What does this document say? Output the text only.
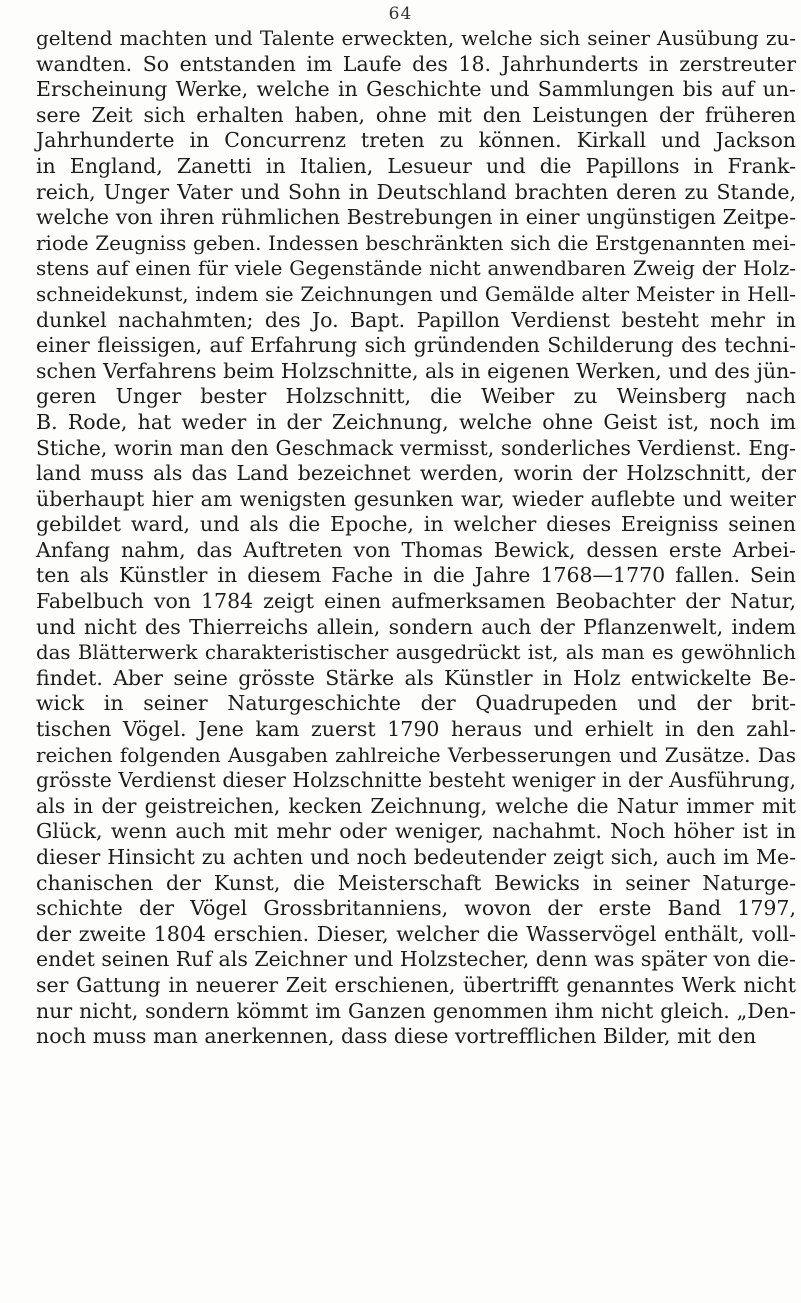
64
geltend machten und Talente erweckten, welche sich seiner Ausübung zu-
wandten. So entstanden im Laufe des 18. Jahrhunderts in zerstreuter
Erscheinung Werke, welche in Geschichte und Sammlungen bis auf un-
sere Zeit sich erhalten haben, ohne mit den Leistungen der früheren
Jahrhunderte in Concurrenz treten zu können. Kirkall und Jackson
in England, Zanetti in Italien, Lesueur und die Papillons in Frank-
reich, Unger Vater und Sohn in Deutschland brachten deren zu Stande,
welche von ihren rühmlichen Bestrebungen in einer ungünstigen Zeitpe-
riode Zeugniss geben. Indessen beschränkten sich die Erstgenannten mei-
stens auf einen für viele Gegenstände nicht anwendbaren Zweig der Holz-
schneidekunst, indem sie Zeichnungen und Gemälde alter Meister in Hell-
dunkel nachahmten; des Jo. Bapt. Papillon Verdienst besteht mehr in
einer fleissigen, auf Erfahrung sich gründenden Schilderung des techni-
schen Verfahrens beim Holzschnitte, als in eigenen Werken, und des jün-
geren Unger bester Holzschnitt, die Weiber zu Weinsberg nach
B. Rode, hat weder in der Zeichnung, welche ohne Geist ist, noch im
Stiche, worin man den Geschmack vermisst, sonderliches Verdienst. Eng-
land muss als das Land bezeichnet werden, worin der Holzschnitt, der
überhaupt hier am wenigsten gesunken war, wieder auflebte und weiter
gebildet ward, und als die Epoche, in welcher dieses Ereigniss seinen
Anfang nahm, das Auftreten von Thomas Bewick, dessen erste Arbei-
ten als Künstler in diesem Fache in die Jahre 1768—1770 fallen. Sein
Fabelbuch von 1784 zeigt einen aufmerksamen Beobachter der Natur,
und nicht des Thierreichs allein, sondern auch der Pflanzenwelt, indem
das Blätterwerk charakteristischer ausgedrückt ist, als man es gewöhnlich
findet. Aber seine grösste Stärke als Künstler in Holz entwickelte Be-
wick in seiner Naturgeschichte der Quadrupeden und der brit-
tischen Vögel. Jene kam zuerst 1790 heraus und erhielt in den zahl-
reichen folgenden Ausgaben zahlreiche Verbesserungen und Zusätze. Das
grösste Verdienst dieser Holzschnitte besteht weniger in der Ausführung,
als in der geistreichen, kecken Zeichnung, welche die Natur immer mit
Glück, wenn auch mit mehr oder weniger, nachahmt. Noch höher ist in
dieser Hinsicht zu achten und noch bedeutender zeigt sich, auch im Me-
chanischen der Kunst, die Meisterschaft Bewicks in seiner Naturge-
schichte der Vögel Grossbritanniens, wovon der erste Band 1797,
der zweite 1804 erschien. Dieser, welcher die Wasservögel enthält, voll-
endet seinen Ruf als Zeichner und Holzstecher, denn was später von die-
ser Gattung in neuerer Zeit erschienen, übertrifft genanntes Werk nicht
nur nicht, sondern kömmt im Ganzen genommen ihm nicht gleich. „Den-
noch muss man anerkennen, dass diese vortrefflichen Bilder, mit den
